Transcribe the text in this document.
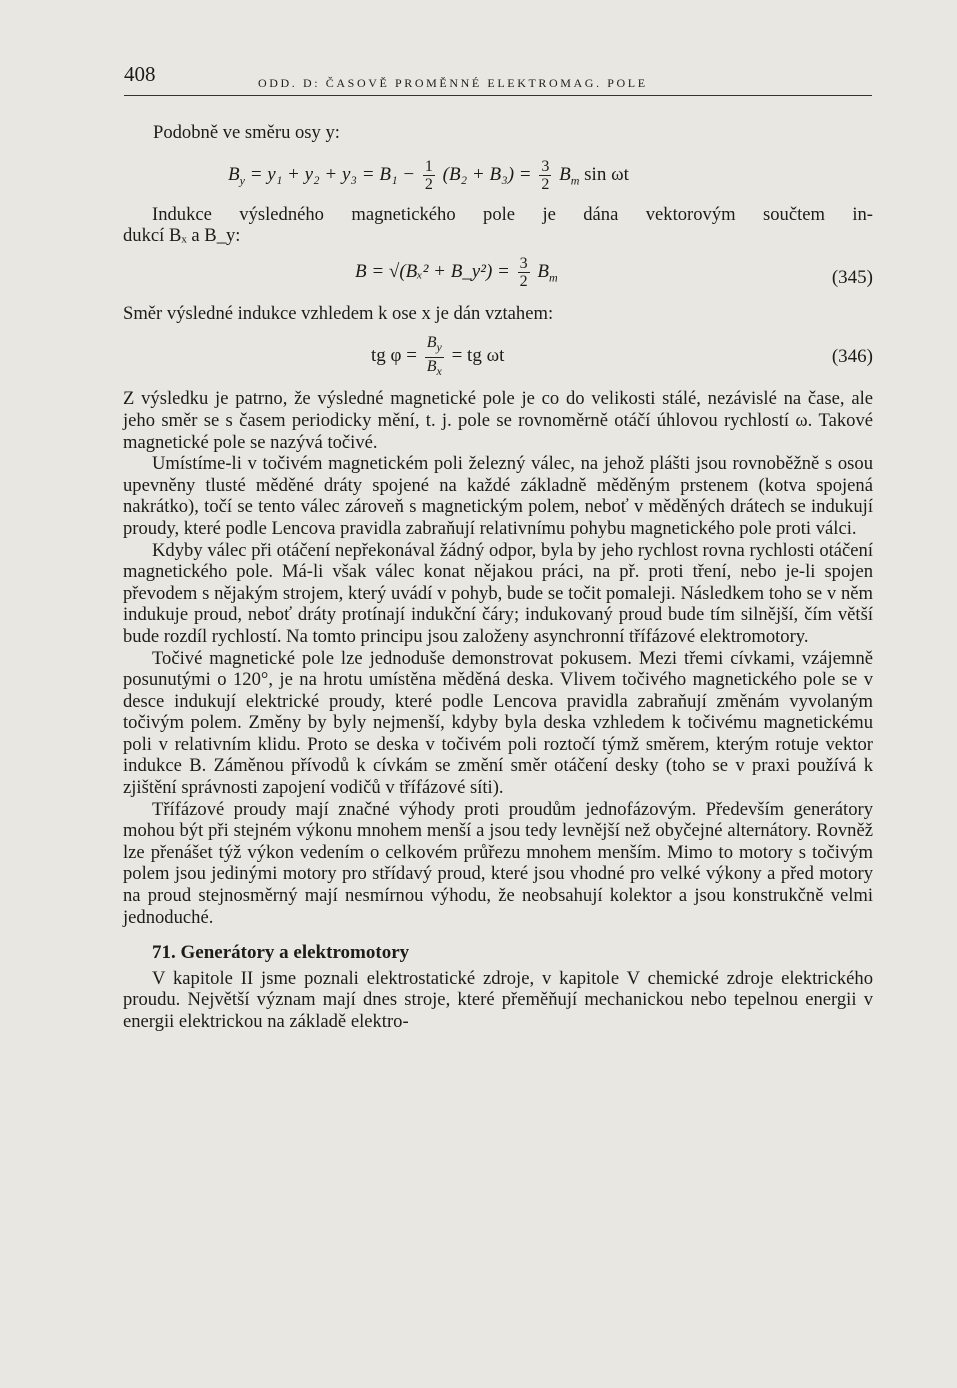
408	ODD. D: ČASOVĚ PROMĚNNÉ ELEKTROMAG. POLE

Podobně ve směru osy y:

$B_y = y_1 + y_2 + y_3 = B_1 - \frac{1}{2} (B_2 + B_3) = \frac{3}{2} B_m$ sin ωt

Indukce výsledného magnetického pole je dána vektorovým součtem in-

dukcí Bₓ a B_y:

B = √(Bₓ² + B_y²) = $\frac{3}{2} B_m$	(345)

Směr výsledné indukce vzhledem k ose x je dán vztahem:

tg $\varphi = \frac{B_y}{B_x}$ = tg ωt	(346)

Z výsledku je patrno, že výsledné magnetické pole je co do velikosti stálé, nezávislé na čase, ale jeho směr se s časem periodicky mění, t. j. pole se rovnoměrně otáčí úhlovou rychlostí ω. Takové magnetické pole se nazývá točivé.

Umístíme-li v točivém magnetickém poli železný válec, na jehož plášti jsou rovnoběžně s osou upevněny tlusté měděné dráty spojené na každé základně měděným prstenem (kotva spojená nakrátko), točí se tento válec zároveň s magnetickým polem, neboť v měděných drátech se indukují proudy, které podle Lencova pravidla zabraňují relativnímu pohybu magnetického pole proti válci.

Kdyby válec při otáčení nepřekonával žádný odpor, byla by jeho rychlost rovna rychlosti otáčení magnetického pole. Má-li však válec konat nějakou práci, na př. proti tření, nebo je-li spojen převodem s nějakým strojem, který uvádí v pohyb, bude se točit pomaleji. Následkem toho se v něm indukuje proud, neboť dráty protínají indukční čáry; indukovaný proud bude tím silnější, čím větší bude rozdíl rychlostí. Na tomto principu jsou založeny asynchronní třífázové elektromotory.

Točivé magnetické pole lze jednoduše demonstrovat pokusem. Mezi třemi cívkami, vzájemně posunutými o 120°, je na hrotu umístěna měděná deska. Vlivem točivého magnetického pole se v desce indukují elektrické proudy, které podle Lencova pravidla zabraňují změnám vyvolaným točivým polem. Změny by byly nejmenší, kdyby byla deska vzhledem k točivému magnetickému poli v relativním klidu. Proto se deska v točivém poli roztočí týmž směrem, kterým rotuje vektor indukce B. Záměnou přívodů k cívkám se změní směr otáčení desky (toho se v praxi používá k zjištění správnosti zapojení vodičů v třífázové síti).

Třífázové proudy mají značné výhody proti proudům jednofázovým. Především generátory mohou být při stejném výkonu mnohem menší a jsou tedy levnější než obyčejné alternátory. Rovněž lze přenášet týž výkon vedením o celkovém průřezu mnohem menším. Mimo to motory s točivým polem jsou jedinými motory pro střídavý proud, které jsou vhodné pro velké výkony a před motory na proud stejnosměrný mají nesmírnou výhodu, že neobsahují kolektor a jsou konstrukčně velmi jednoduché.

71. Generátory a elektromotory

V kapitole II jsme poznali elektrostatické zdroje, v kapitole V chemické zdroje elektrického proudu. Největší význam mají dnes stroje, které přeměňují mechanickou nebo tepelnou energii v energii elektrickou na základě elektro-
